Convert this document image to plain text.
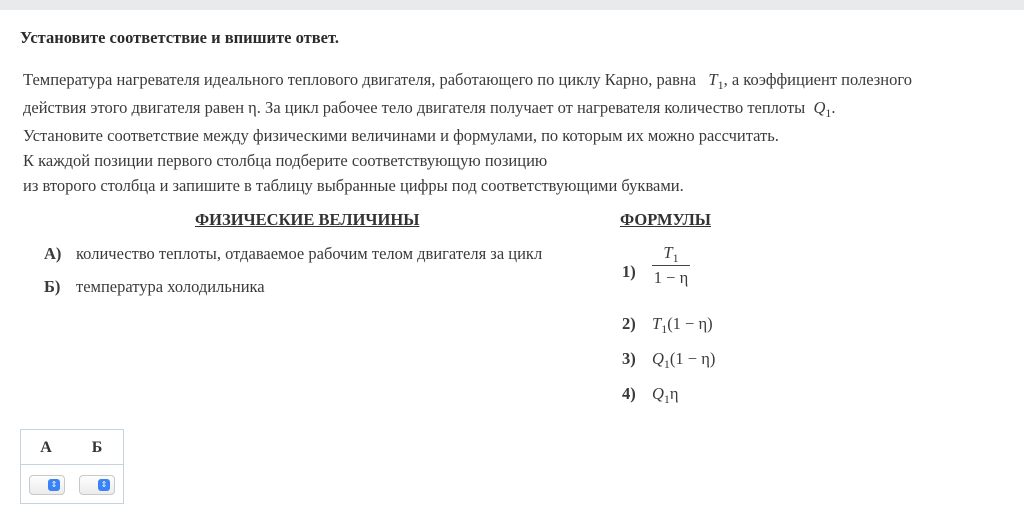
Установите соответствие и впишите ответ.
Температура нагревателя идеального теплового двигателя, работающего по циклу Карно, равна $T_1$, а коэффициент полезного
действия этого двигателя равен η. За цикл рабочее тело двигателя получает от нагревателя количество теплоты $Q_1$.
Установите соответствие между физическими величинами и формулами, по которым их можно рассчитать.
К каждой позиции первого столбца подберите соответствующую позицию
из второго столбца и запишите в таблицу выбранные цифры под соответствующими буквами.
ФИЗИЧЕСКИЕ ВЕЛИЧИНЫ	ФОРМУЛЫ
А) количество теплоты, отдаваемое рабочим телом двигателя за цикл
Б) температура холодильника
$1) \frac{T_1}{1 - \eta}$
2) $T_1(1 - \eta)$
3) $Q_1(1 - \eta)$
4) $Q_1\eta$
А Б
⇕	⇕
